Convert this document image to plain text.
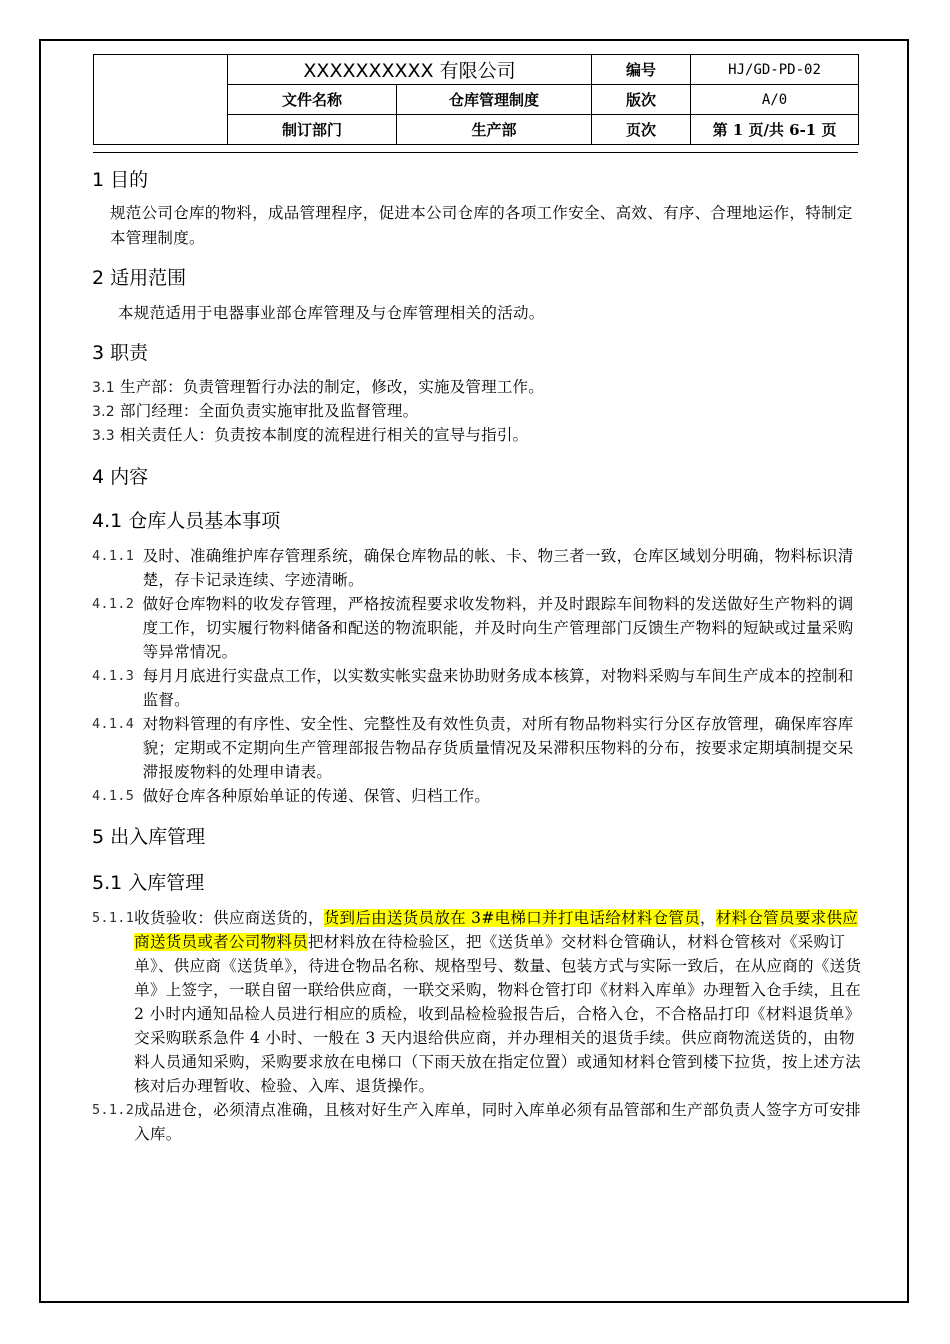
	XXXXXXXXXX 有限公司		编号	HJ/GD-PD-02
	文件名称	仓库管理制度	版次	A/0
	制订部门	生产部	页次	第 1 页/共 6-1 页
1 目的
规范公司仓库的物料，成品管理程序，促进本公司仓库的各项工作安全、高效、有序、合理地运作，特制定本管理制度。
2 适用范围
本规范适用于电器事业部仓库管理及与仓库管理相关的活动。
3 职责
3.1 生产部：负责管理暂行办法的制定，修改，实施及管理工作。
3.2 部门经理：全面负责实施审批及监督管理。
3.3 相关责任人：负责按本制度的流程进行相关的宣导与指引。
4 内容
4.1 仓库人员基本事项
4.1.1 及时、准确维护库存管理系统，确保仓库物品的帐、卡、物三者一致，仓库区域划分明确，物料标识清楚，存卡记录连续、字迹清晰。
4.1.2 做好仓库物料的收发存管理，严格按流程要求收发物料，并及时跟踪车间物料的发送做好生产物料的调度工作，切实履行物料储备和配送的物流职能，并及时向生产管理部门反馈生产物料的短缺或过量采购等异常情况。
4.1.3 每月月底进行实盘点工作，以实数实帐实盘来协助财务成本核算，对物料采购与车间生产成本的控制和监督。
4.1.4 对物料管理的有序性、安全性、完整性及有效性负责，对所有物品物料实行分区存放管理，确保库容库貌；定期或不定期向生产管理部报告物品存货质量情况及呆滞积压物料的分布，按要求定期填制提交呆滞报废物料的处理申请表。
4.1.5 做好仓库各种原始单证的传递、保管、归档工作。
5 出入库管理
5.1 入库管理
5.1.1 收货验收：供应商送货的，货到后由送货员放在 3#电梯口并打电话给材料仓管员，材料仓管员要求供应商送货员或者公司物料员把材料放在待检验区，把《送货单》交材料仓管确认，材料仓管核对《采购订单》、供应商《送货单》，待进仓物品名称、规格型号、数量、包装方式与实际一致后，在从应商的《送货单》上签字，一联自留一联给供应商，一联交采购，物料仓管打印《材料入库单》办理暂入仓手续，且在 2 小时内通知品检人员进行相应的质检，收到品检检验报告后，合格入仓，不合格品打印《材料退货单》交采购联系急件 4 小时、一般在 3 天内退给供应商，并办理相关的退货手续。供应商物流送货的，由物料人员通知采购，采购要求放在电梯口（下雨天放在指定位置）或通知材料仓管到楼下拉货，按上述方法核对后办理暂收、检验、入库、退货操作。
5.1.2 成品进仓，必须清点准确，且核对好生产入库单，同时入库单必须有品管部和生产部负责人签字方可安排入库。
